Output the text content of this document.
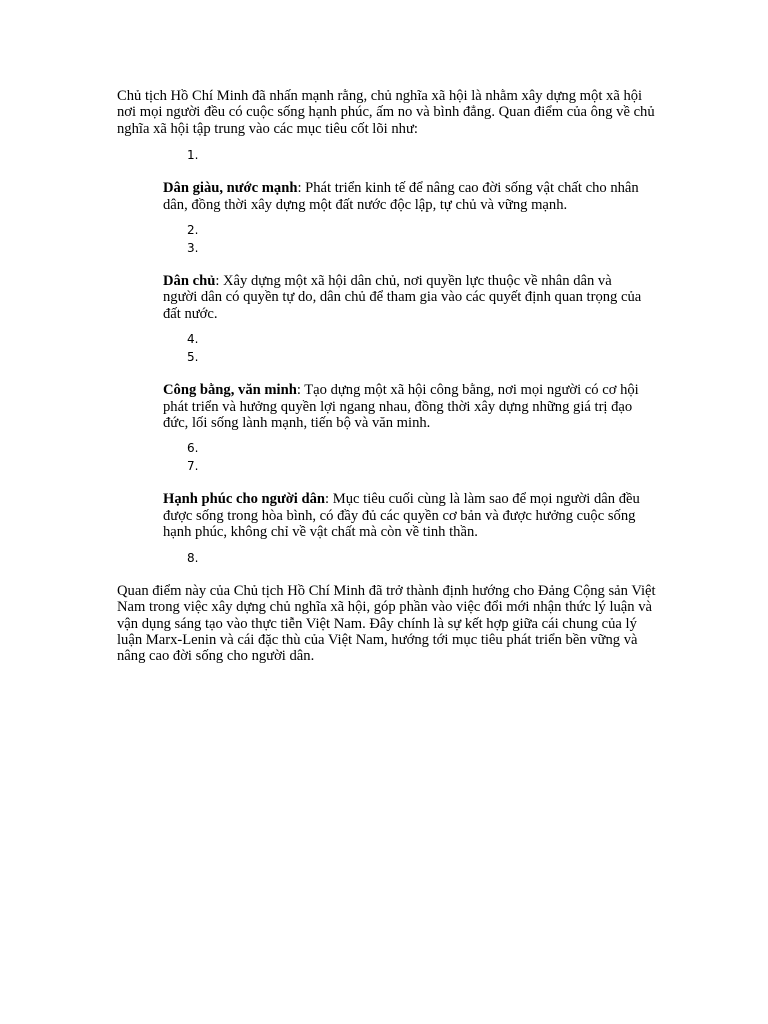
Chủ tịch Hồ Chí Minh đã nhấn mạnh rằng, chủ nghĩa xã hội là nhằm xây dựng một xã hội nơi mọi người đều có cuộc sống hạnh phúc, ấm no và bình đẳng. Quan điểm của ông về chủ nghĩa xã hội tập trung vào các mục tiêu cốt lõi như:

1.

Dân giàu, nước mạnh: Phát triển kinh tế để nâng cao đời sống vật chất cho nhân dân, đồng thời xây dựng một đất nước độc lập, tự chủ và vững mạnh.

2.
3.

Dân chủ: Xây dựng một xã hội dân chủ, nơi quyền lực thuộc về nhân dân và người dân có quyền tự do, dân chủ để tham gia vào các quyết định quan trọng của đất nước.

4.
5.

Công bằng, văn minh: Tạo dựng một xã hội công bằng, nơi mọi người có cơ hội phát triển và hưởng quyền lợi ngang nhau, đồng thời xây dựng những giá trị đạo đức, lối sống lành mạnh, tiến bộ và văn minh.

6.
7.

Hạnh phúc cho người dân: Mục tiêu cuối cùng là làm sao để mọi người dân đều được sống trong hòa bình, có đầy đủ các quyền cơ bản và được hưởng cuộc sống hạnh phúc, không chỉ về vật chất mà còn về tinh thần.

8.

Quan điểm này của Chủ tịch Hồ Chí Minh đã trở thành định hướng cho Đảng Cộng sản Việt Nam trong việc xây dựng chủ nghĩa xã hội, góp phần vào việc đổi mới nhận thức lý luận và vận dụng sáng tạo vào thực tiễn Việt Nam. Đây chính là sự kết hợp giữa cái chung của lý luận Marx-Lenin và cái đặc thù của Việt Nam, hướng tới mục tiêu phát triển bền vững và nâng cao đời sống cho người dân.
